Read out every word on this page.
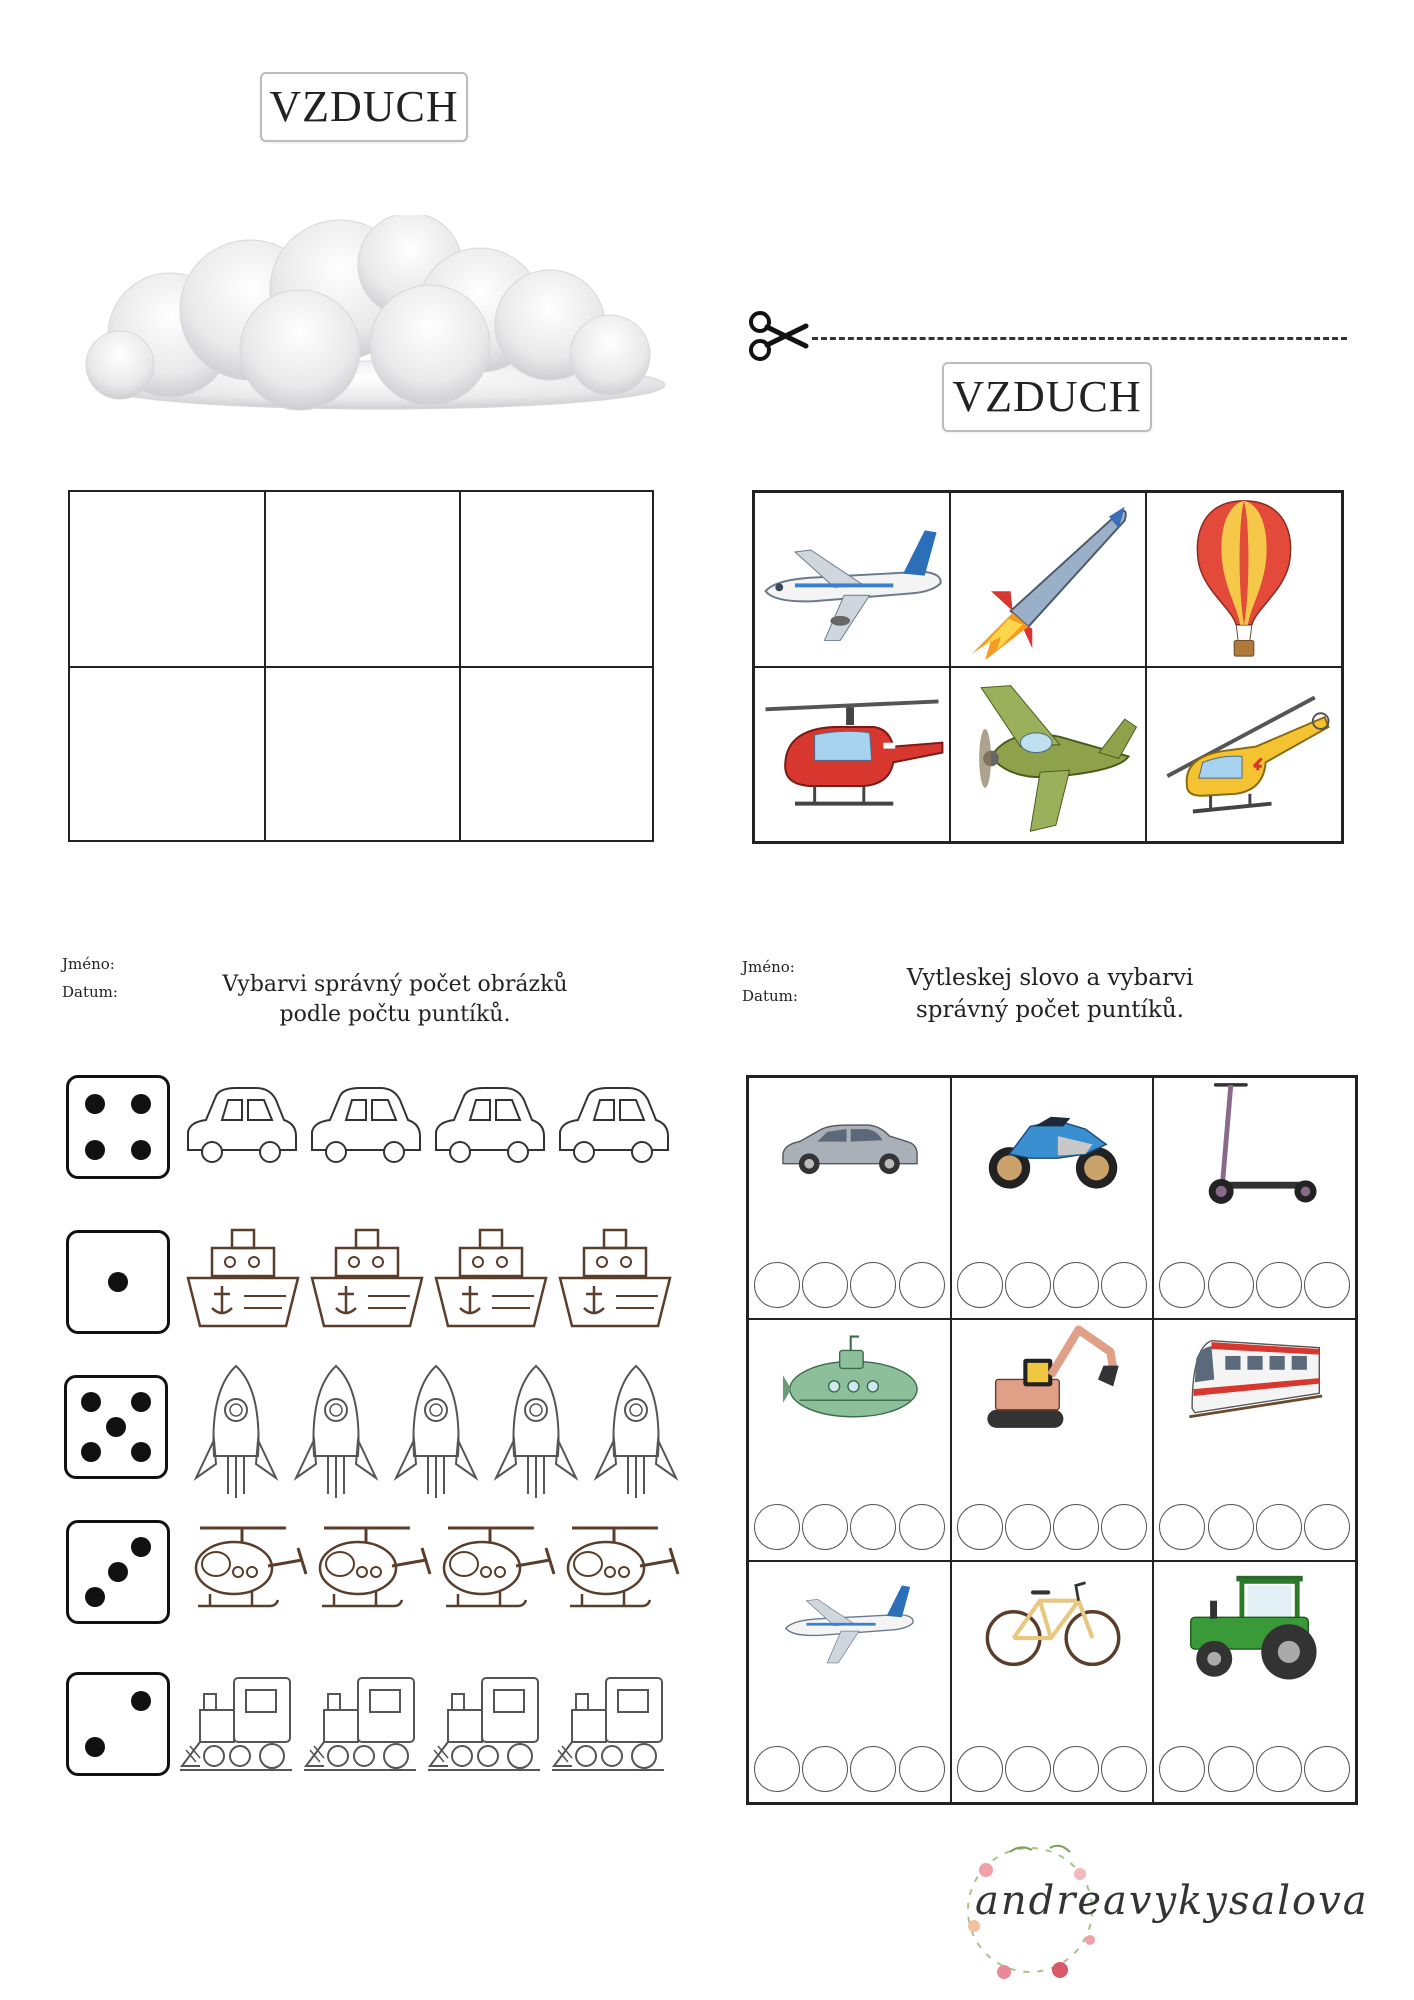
VZDUCH
VZDUCH
Jméno:
Datum:	Vybarvi správný počet obrázků
podle počtu puntíků.
Jméno:
Datum:
Vytleskej slovo a vybarvi
správný počet puntíků.
andreavykysalova
